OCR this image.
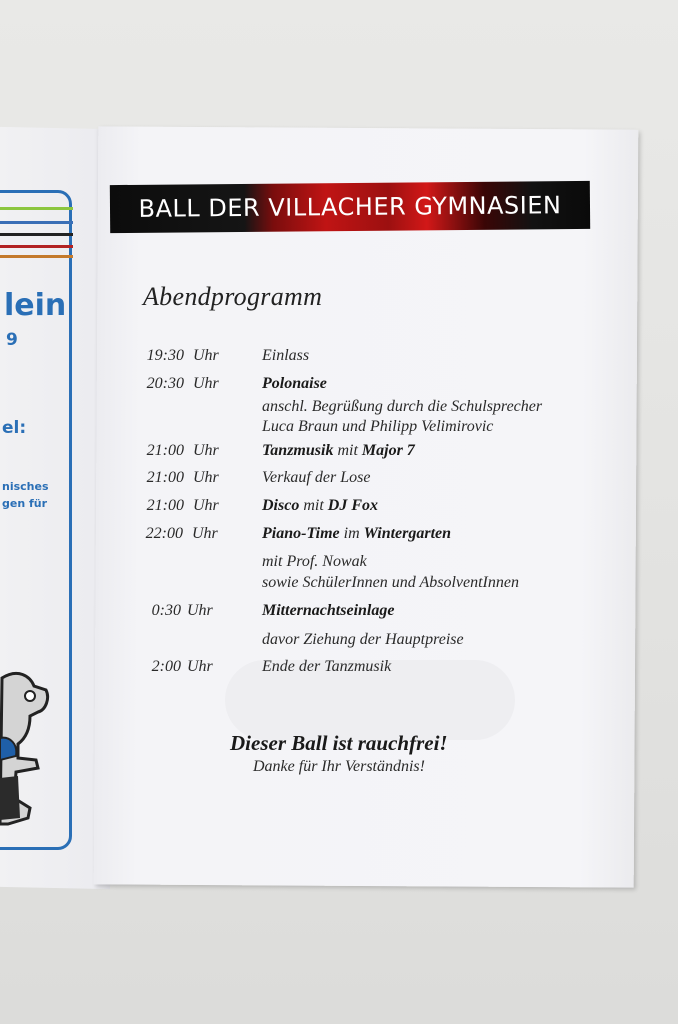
lein
9
el:
nisches
gen für
BALL DER VILLACHER GYMNASIEN
Abendprogramm
19:30 Uhr	Einlass
20:30 Uhr	Polonaise
anschl. Begrüßung durch die Schulsprecher
Luca Braun und Philipp Velimirovic
21:00 Uhr	Tanzmusik mit Major 7
21:00 Uhr	Verkauf der Lose
21:00 Uhr	Disco mit DJ Fox
22:00 Uhr	Piano-Time im Wintergarten
mit Prof. Nowak
sowie SchülerInnen und AbsolventInnen
0:30 Uhr	Mitternachtseinlage
davor Ziehung der Hauptpreise
2:00 Uhr	Ende der Tanzmusik
Dieser Ball ist rauchfrei!
Danke für Ihr Verständnis!
